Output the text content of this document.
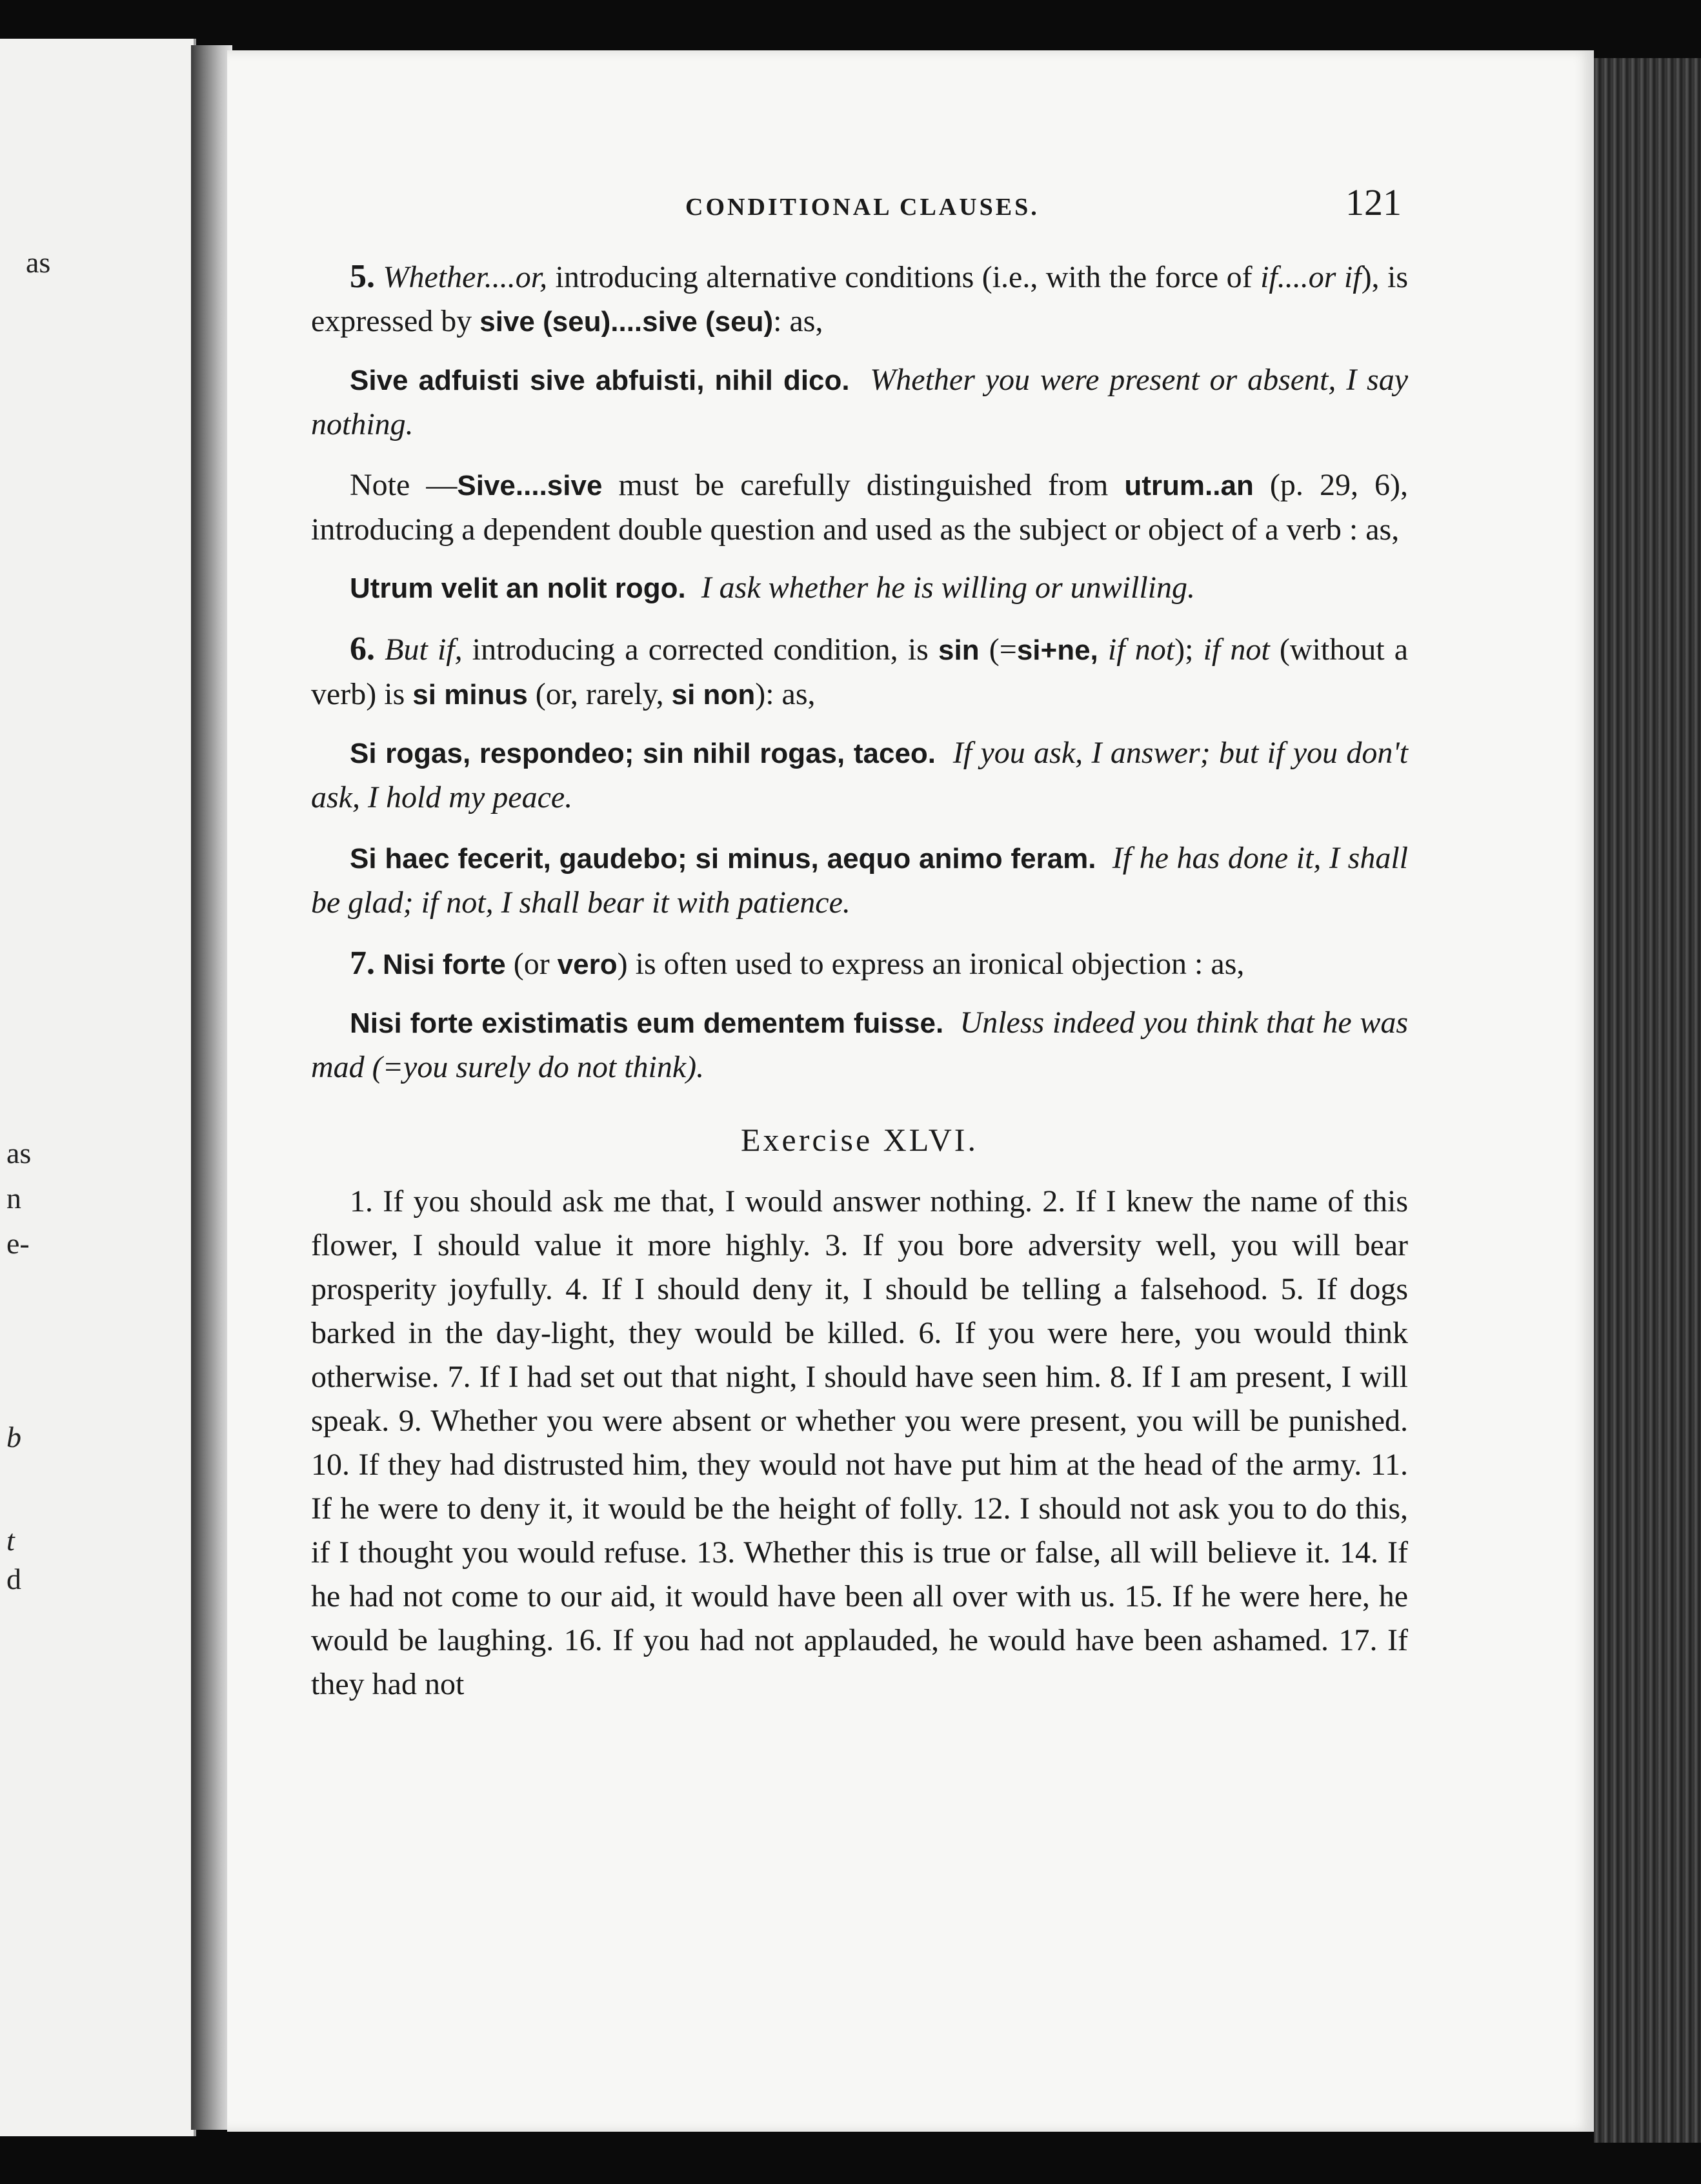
as
as
n
e-
b
t
d
CONDITIONAL CLAUSES.	121

5. Whether....or, introducing alternative conditions (i.e., with the force of if....or if), is expressed by sive (seu)....sive (seu): as,

Sive adfuisti sive abfuisti, nihil dico. Whether you were present or absent, I say nothing.

Note —Sive....sive must be carefully distinguished from utrum..an (p. 29, 6), introducing a dependent double question and used as the subject or object of a verb : as,

Utrum velit an nolit rogo. I ask whether he is willing or unwilling.

6. But if, introducing a corrected condition, is sin (=si+ne, if not); if not (without a verb) is si minus (or, rarely, si non): as,

Si rogas, respondeo; sin nihil rogas, taceo. If you ask, I answer; but if you don't ask, I hold my peace.

Si haec fecerit, gaudebo; si minus, aequo animo feram. If he has done it, I shall be glad; if not, I shall bear it with patience.

7. Nisi forte (or vero) is often used to express an ironical objection : as,

Nisi forte existimatis eum dementem fuisse. Unless indeed you think that he was mad (=you surely do not think).

Exercise XLVI.

1. If you should ask me that, I would answer nothing. 2. If I knew the name of this flower, I should value it more highly. 3. If you bore adversity well, you will bear prosperity joyfully. 4. If I should deny it, I should be telling a falsehood. 5. If dogs barked in the day-light, they would be killed. 6. If you were here, you would think otherwise. 7. If I had set out that night, I should have seen him. 8. If I am present, I will speak. 9. Whether you were absent or whether you were present, you will be punished. 10. If they had distrusted him, they would not have put him at the head of the army. 11. If he were to deny it, it would be the height of folly. 12. I should not ask you to do this, if I thought you would refuse. 13. Whether this is true or false, all will believe it. 14. If he had not come to our aid, it would have been all over with us. 15. If he were here, he would be laughing. 16. If you had not applauded, he would have been ashamed. 17. If they had not
